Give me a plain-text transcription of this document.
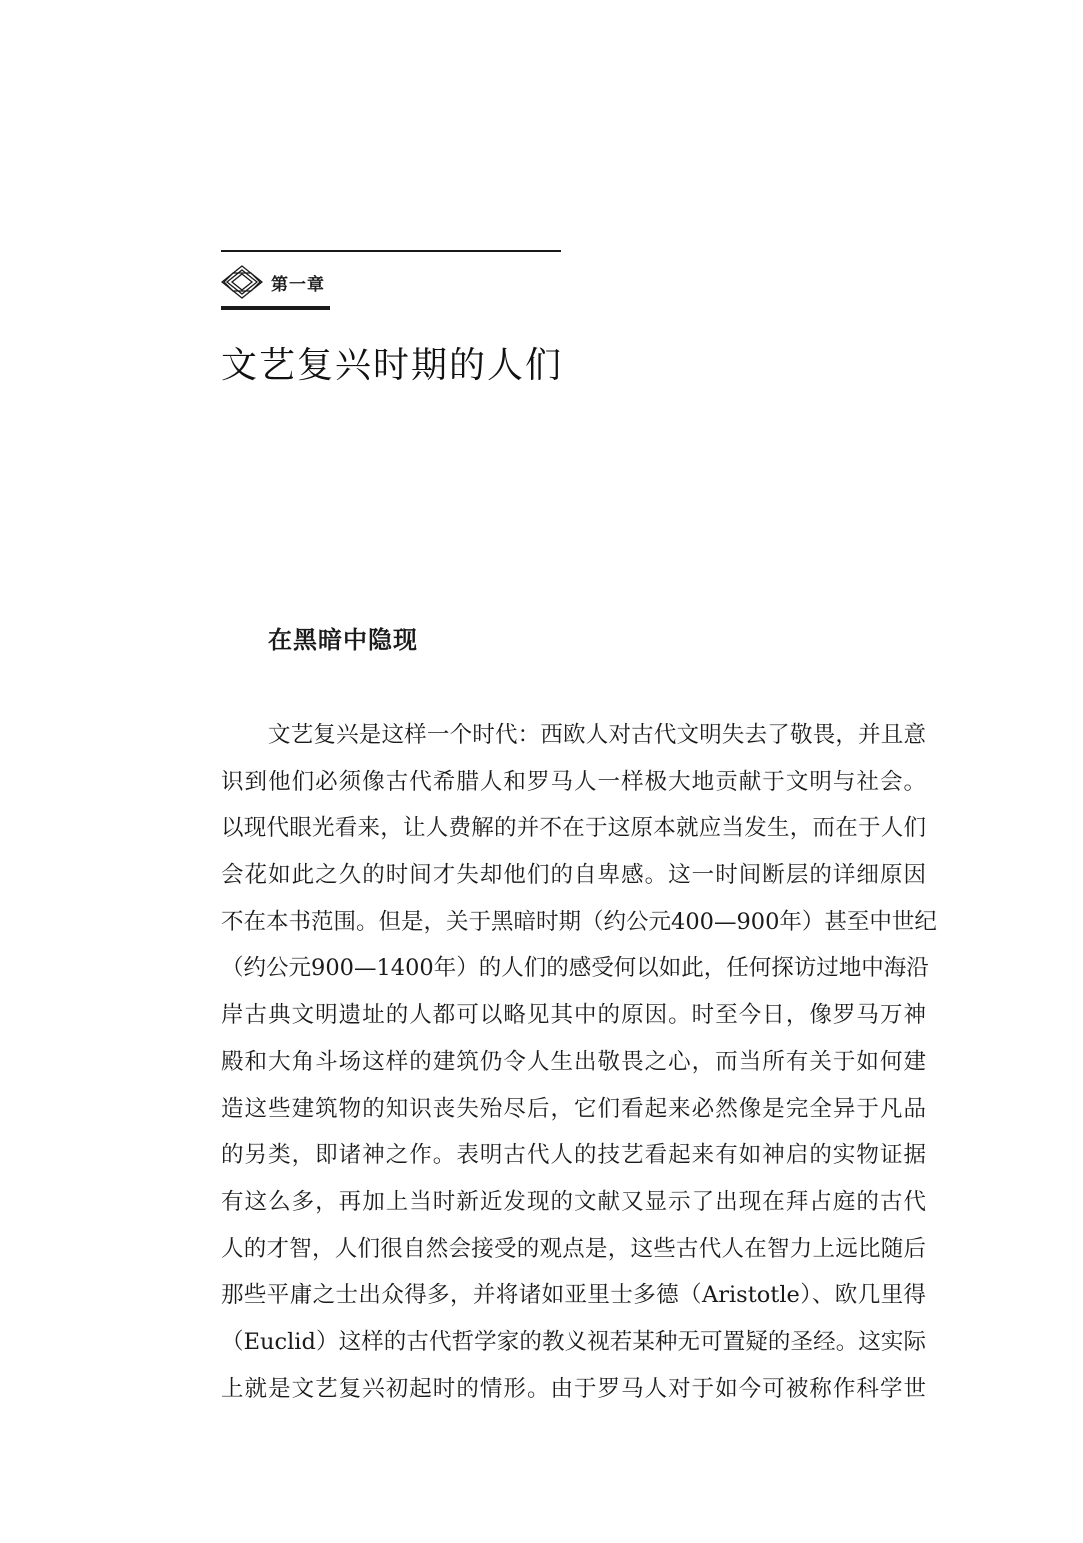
第一章
文艺复兴时期的人们
在黑暗中隐现
文艺复兴是这样一个时代：西欧人对古代文明失去了敬畏，并且意
识到他们必须像古代希腊人和罗马人一样极大地贡献于文明与社会。
以现代眼光看来，让人费解的并不在于这原本就应当发生，而在于人们
会花如此之久的时间才失却他们的自卑感。这一时间断层的详细原因
不在本书范围。但是，关于黑暗时期（约公元400—900年）甚至中世纪
（约公元900—1400年）的人们的感受何以如此，任何探访过地中海沿
岸古典文明遗址的人都可以略见其中的原因。时至今日，像罗马万神
殿和大角斗场这样的建筑仍令人生出敬畏之心，而当所有关于如何建
造这些建筑物的知识丧失殆尽后，它们看起来必然像是完全异于凡品
的另类，即诸神之作。表明古代人的技艺看起来有如神启的实物证据
有这么多，再加上当时新近发现的文献又显示了出现在拜占庭的古代
人的才智，人们很自然会接受的观点是，这些古代人在智力上远比随后
那些平庸之士出众得多，并将诸如亚里士多德（Aristotle）、欧几里得
（Euclid）这样的古代哲学家的教义视若某种无可置疑的圣经。这实际
上就是文艺复兴初起时的情形。由于罗马人对于如今可被称作科学世
